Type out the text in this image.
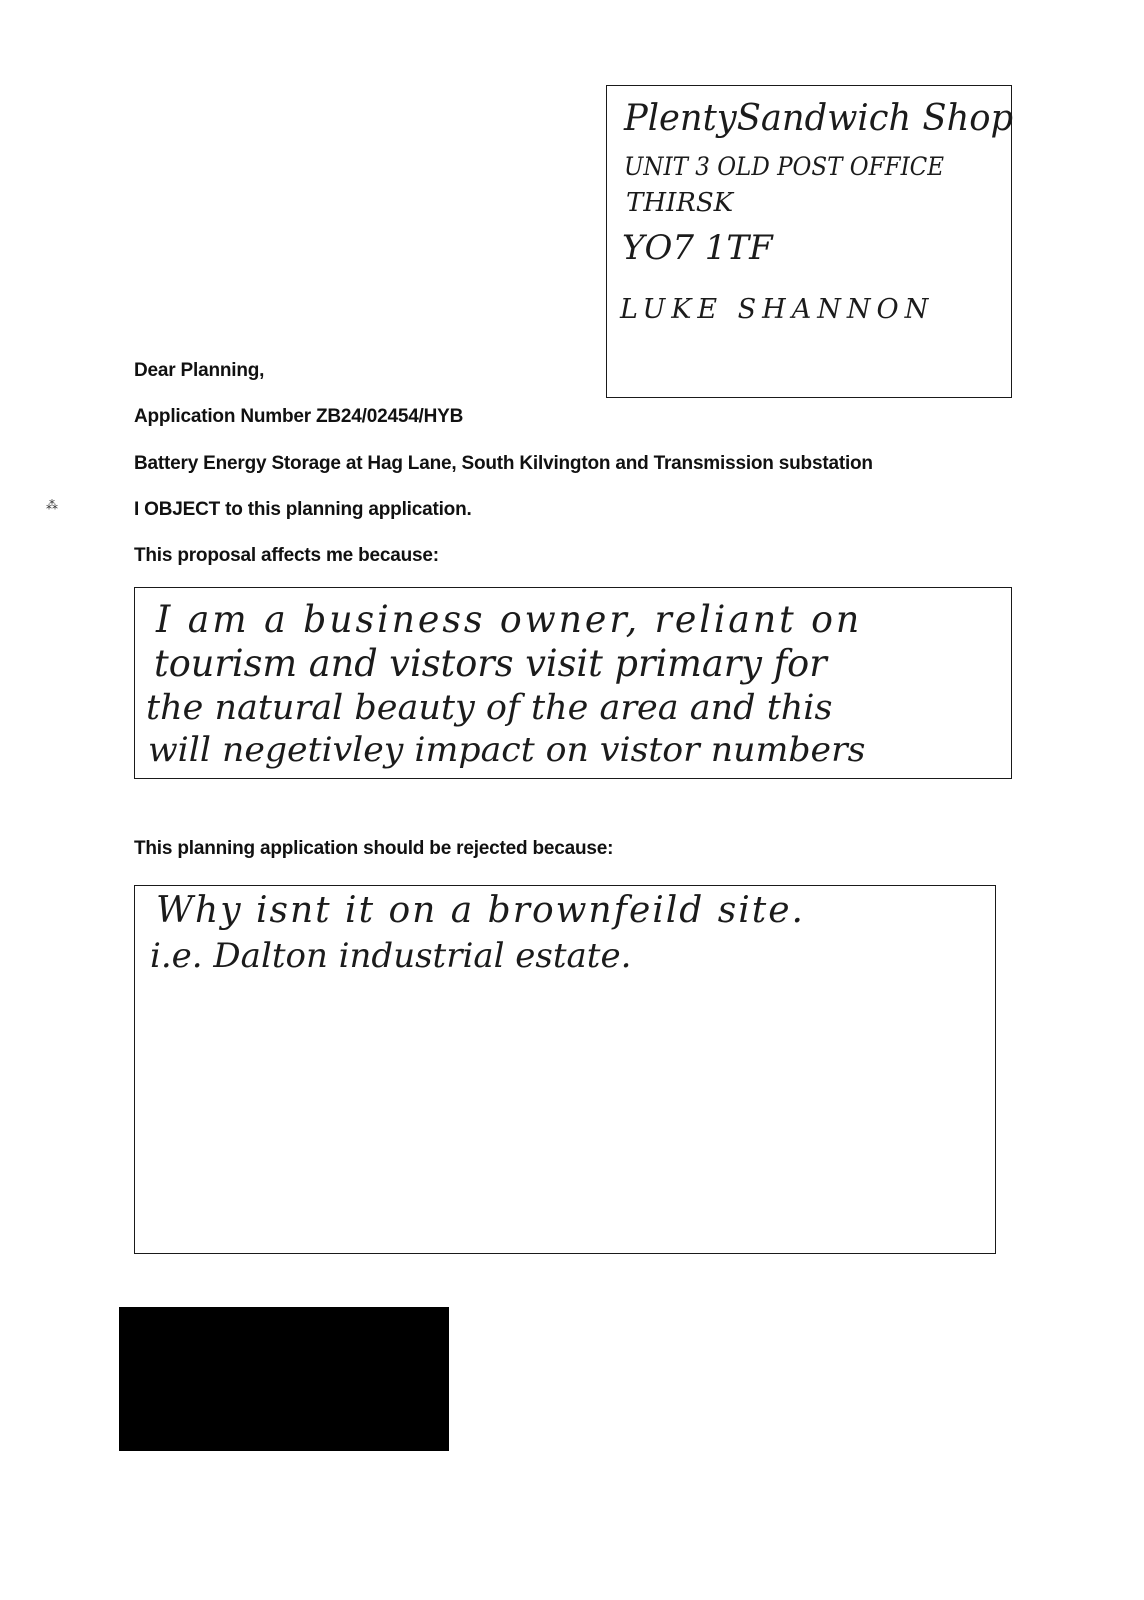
PlentySandwich Shop
UNIT 3 OLD POST OFFICE
THIRSK
YO7 1TF
LUKE SHANNON
Dear Planning,
Application Number ZB24/02454/HYB
Battery Energy Storage at Hag Lane, South Kilvington and Transmission substation
⁂	I OBJECT to this planning application.
This proposal affects me because:
I am a business owner, reliant on
tourism and vistors visit primary for
the natural beauty of the area and this
will negetivley impact on vistor numbers
This planning application should be rejected because:
Why isnt it on a brownfeild site.
i.e. Dalton industrial estate.
